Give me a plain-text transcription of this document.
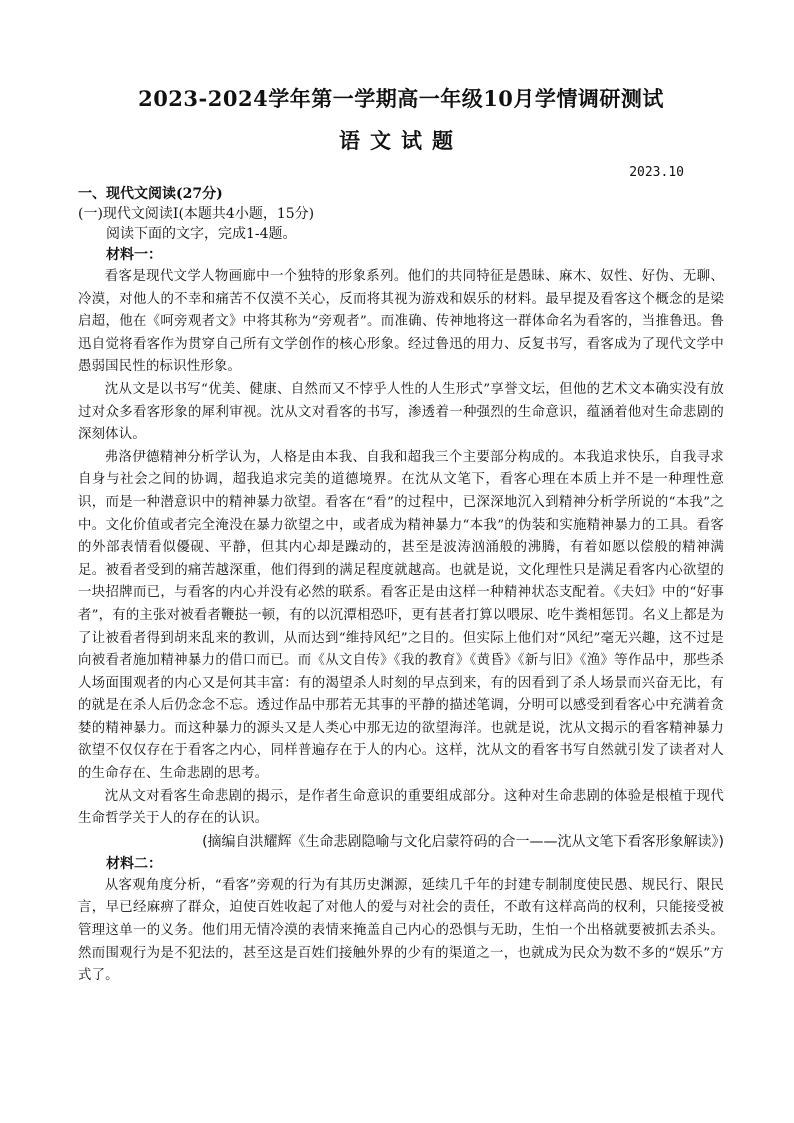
2023-2024学年第一学期高一年级10月学情调研测试
语文试题
2023.10
一、现代文阅读(27分)
(一)现代文阅读Ⅰ(本题共4小题，15分)
阅读下面的文字，完成1-4题。
材料一：

看客是现代文学人物画廊中一个独特的形象系列。他们的共同特征是愚昧、麻木、奴性、好伪、无聊、冷漠，对他人的不幸和痛苦不仅漠不关心，反而将其视为游戏和娱乐的材料。最早提及看客这个概念的是梁启超，他在《呵旁观者文》中将其称为“旁观者”。而准确、传神地将这一群体命名为看客的，当推鲁迅。鲁迅自觉将看客作为贯穿自己所有文学创作的核心形象。经过鲁迅的用力、反复书写，看客成为了现代文学中愚弱国民性的标识性形象。

沈从文是以书写“优美、健康、自然而又不悖乎人性的人生形式”享誉文坛，但他的艺术文本确实没有放过对众多看客形象的犀利审视。沈从文对看客的书写，渗透着一种强烈的生命意识，蕴涵着他对生命悲剧的深刻体认。

弗洛伊德精神分析学认为，人格是由本我、自我和超我三个主要部分构成的。本我追求快乐，自我寻求自身与社会之间的协调，超我追求完美的道德境界。在沈从文笔下，看客心理在本质上并不是一种理性意识，而是一种潜意识中的精神暴力欲望。看客在“看”的过程中，已深深地沉入到精神分析学所说的“本我”之中。文化价值或者完全淹没在暴力欲望之中，或者成为精神暴力“本我”的伪装和实施精神暴力的工具。看客的外部表情看似優砚、平静，但其内心却是躁动的，甚至是波涛汹涌般的沸腾，有着如愿以偿般的精神满足。被看者受到的痛苦越深重，他们得到的满足程度就越高。也就是说，文化理性只是满足看客内心欲望的一块招牌而已，与看客的内心并没有必然的联系。看客正是由这样一种精神状态支配着。《夫妇》中的“好事者”，有的主张对被看者鞭挞一顿，有的以沉潭相恐吓，更有甚者打算以喂尿、吃牛粪相惩罚。名义上都是为了让被看者得到胡来乱来的教训，从而达到“维持风纪”之目的。但实际上他们对“风纪”毫无兴趣，这不过是向被看者施加精神暴力的借口而已。而《从文自传》《我的教育》《黄昏》《新与旧》《渔》等作品中，那些杀人场面围观者的内心又是何其丰富：有的渴望杀人时刻的早点到来，有的因看到了杀人场景而兴奋无比，有的就是在杀人后仍念念不忘。透过作品中那若无其事的平静的描述笔调，分明可以感受到看客心中充满着贪婪的精神暴力。而这种暴力的源头又是人类心中那无边的欲望海洋。也就是说，沈从文揭示的看客精神暴力欲望不仅仅存在于看客之内心，同样普遍存在于人的内心。这样，沈从文的看客书写自然就引发了读者对人的生命存在、生命悲剧的思考。

沈从文对看客生命悲剧的揭示，是作者生命意识的重要组成部分。这种对生命悲剧的体验是根植于现代生命哲学关于人的存在的认识。

(摘编自洪耀辉《生命悲剧隐喻与文化启蒙符码的合一——沈从文笔下看客形象解读》)
材料二：

从客观角度分析，“看客”旁观的行为有其历史渊源，延续几千年的封建专制制度使民愚、规民行、限民言，早已经麻痹了群众，迫使百姓收起了对他人的爱与对社会的责任，不敢有这样高尚的权利，只能接受被管理这单一的义务。他们用无情冷漠的表情来掩盖自己内心的恐惧与无助，生怕一个出格就要被抓去杀头。然而围观行为是不犯法的，甚至这是百姓们接触外界的少有的渠道之一，也就成为民众为数不多的“娱乐”方式了。
